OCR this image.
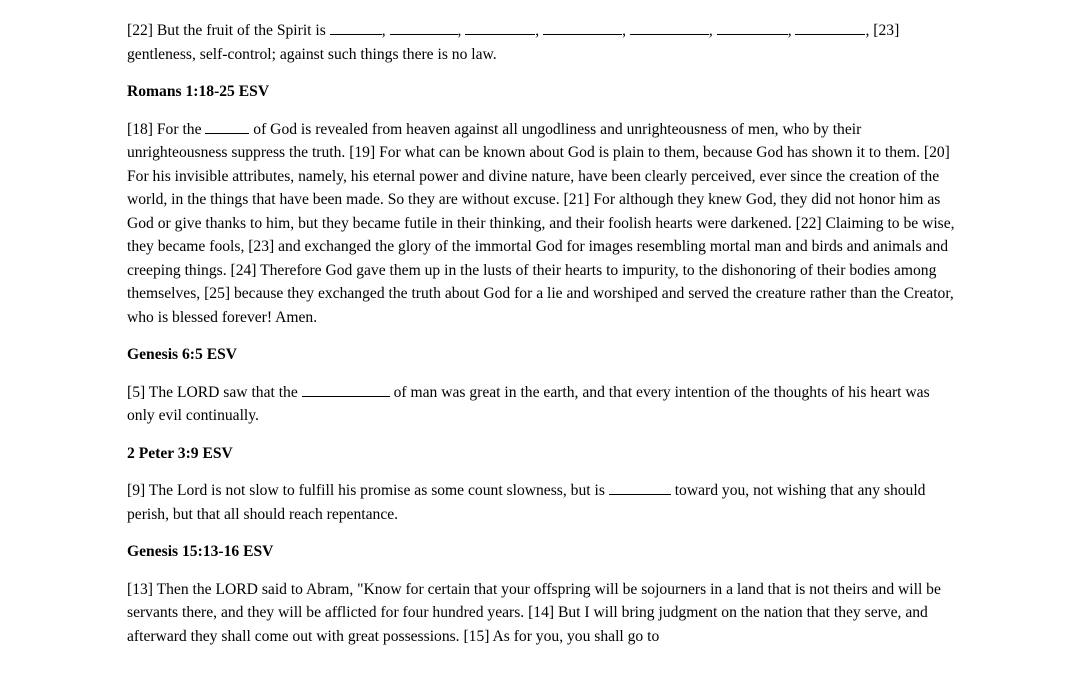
[22] But the fruit of the Spirit is	,	,	,	,	,	,	, [23] gentleness, self-control; against such things there is no law.

Romans 1:18-25 ESV

[18] For the	of God is revealed from heaven against all ungodliness and unrighteousness of men, who by their unrighteousness suppress the truth. [19] For what can be known about God is plain to them, because God has shown it to them. [20] For his invisible attributes, namely, his eternal power and divine nature, have been clearly perceived, ever since the creation of the world, in the things that have been made. So they are without excuse. [21] For although they knew God, they did not honor him as God or give thanks to him, but they became futile in their thinking, and their foolish hearts were darkened. [22] Claiming to be wise, they became fools, [23] and exchanged the glory of the immortal God for images resembling mortal man and birds and animals and creeping things. [24] Therefore God gave them up in the lusts of their hearts to impurity, to the dishonoring of their bodies among themselves, [25] because they exchanged the truth about God for a lie and worshiped and served the creature rather than the Creator, who is blessed forever! Amen.

Genesis 6:5 ESV

[5] The LORD saw that the	of man was great in the earth, and that every intention of the thoughts of his heart was only evil continually.

2 Peter 3:9 ESV

[9] The Lord is not slow to fulfill his promise as some count slowness, but is	toward you, not wishing that any should perish, but that all should reach repentance.

Genesis 15:13-16 ESV

[13] Then the LORD said to Abram, "Know for certain that your offspring will be sojourners in a land that is not theirs and will be servants there, and they will be afflicted for four hundred years. [14] But I will bring judgment on the nation that they serve, and afterward they shall come out with great possessions. [15] As for you, you shall go to
